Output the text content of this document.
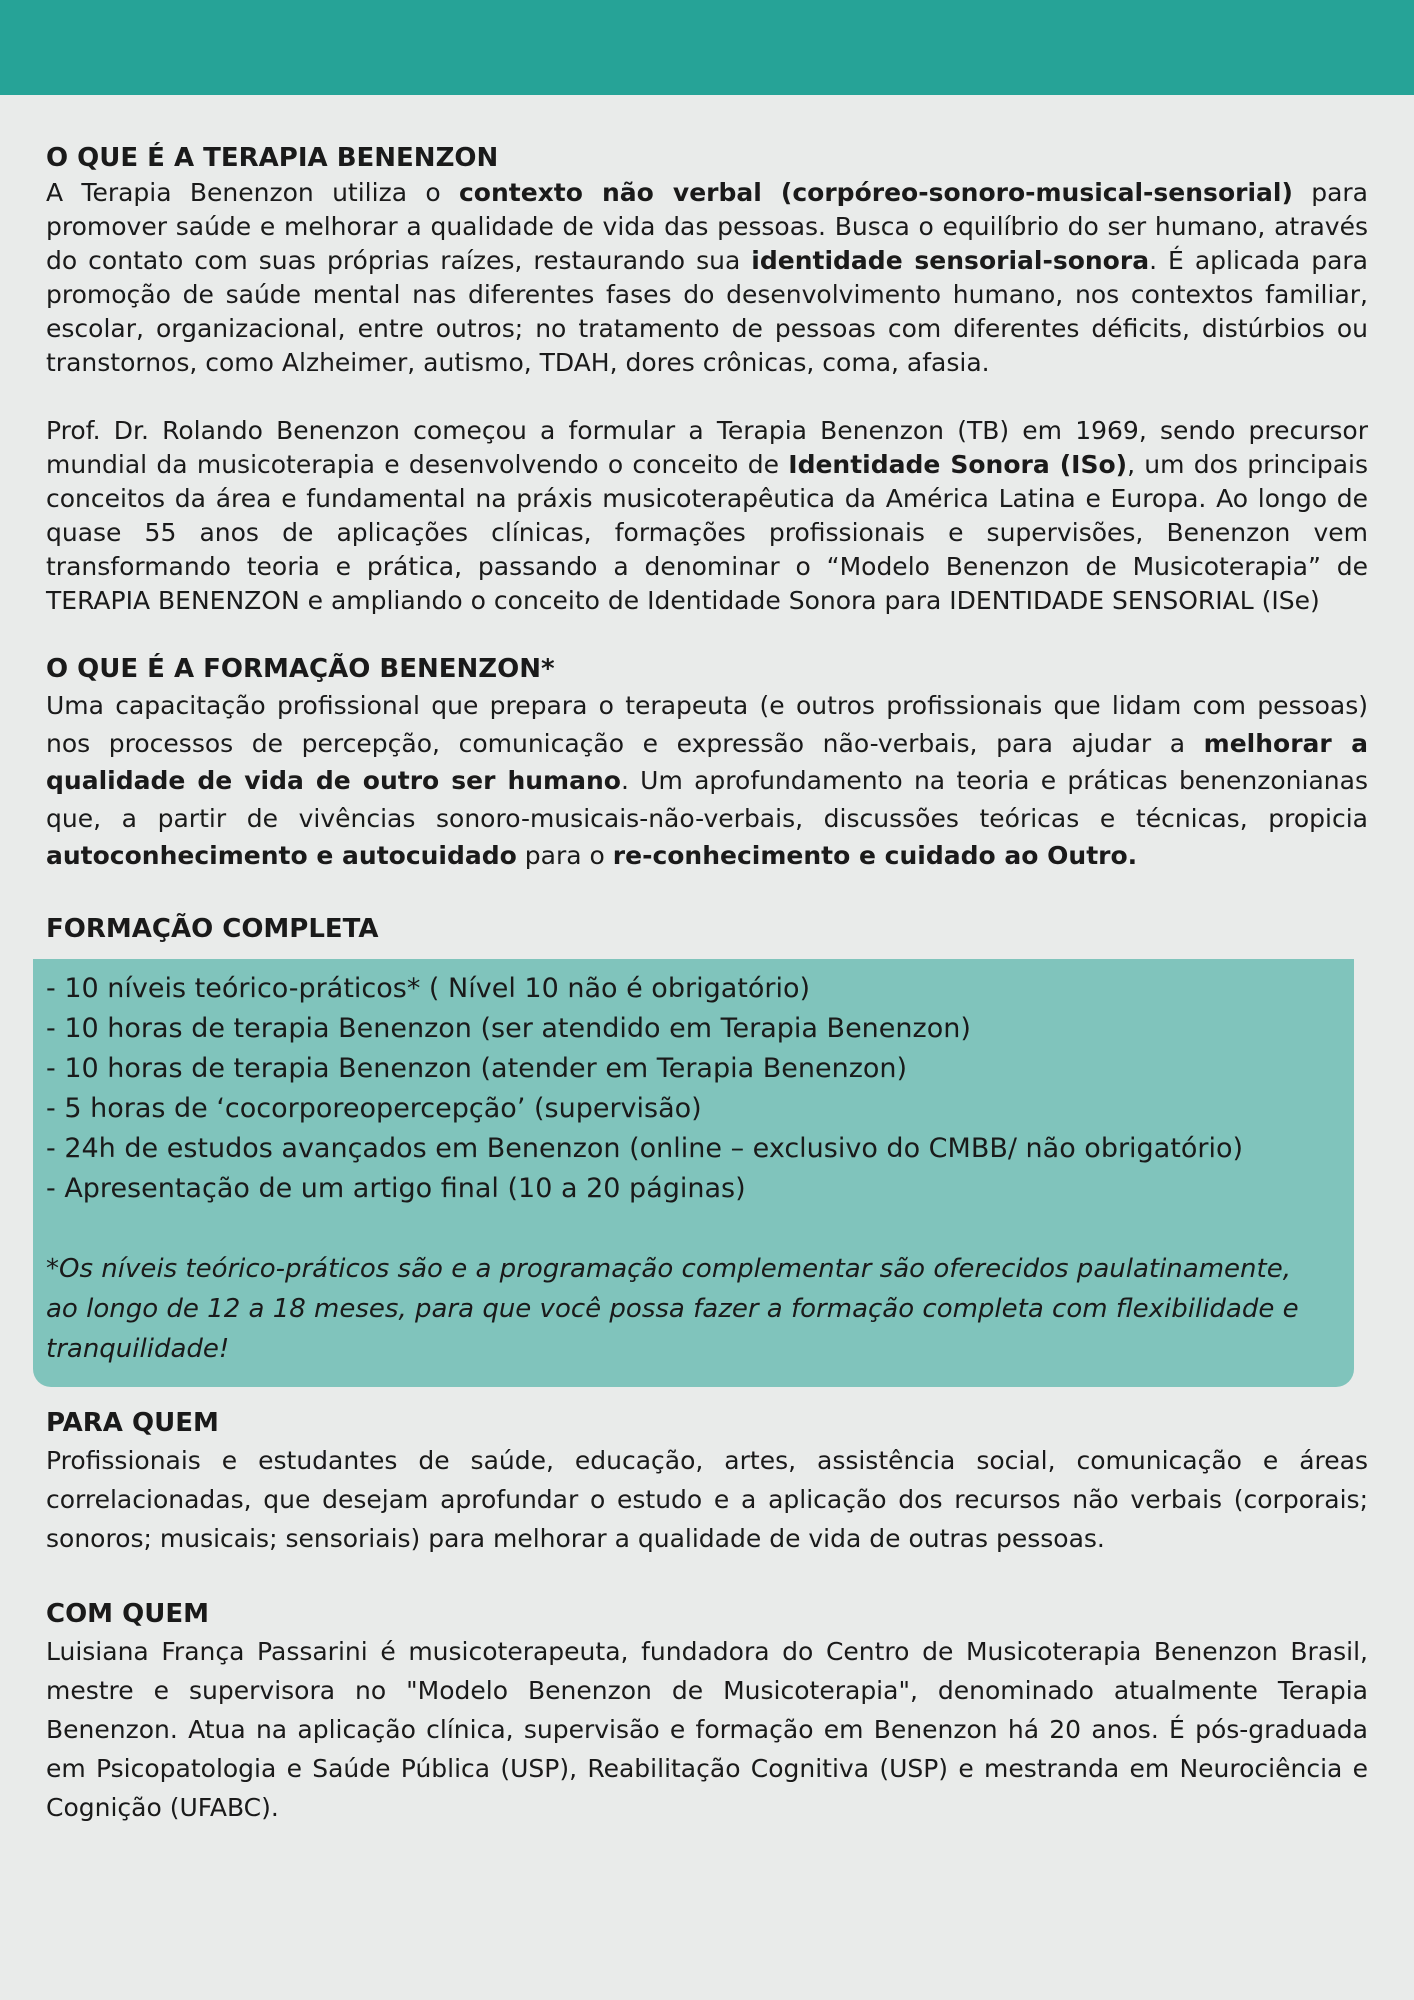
O QUE É A TERAPIA BENENZON

A Terapia Benenzon utiliza o contexto não verbal (corpóreo-sonoro-musical-sensorial) para promover saúde e melhorar a qualidade de vida das pessoas. Busca o equilíbrio do ser humano, através do contato com suas próprias raízes, restaurando sua identidade sensorial-sonora. É aplicada para promoção de saúde mental nas diferentes fases do desenvolvimento humano, nos contextos familiar, escolar, organizacional, entre outros; no tratamento de pessoas com diferentes déficits, distúrbios ou transtornos, como Alzheimer, autismo, TDAH, dores crônicas, coma, afasia.

Prof. Dr. Rolando Benenzon começou a formular a Terapia Benenzon (TB) em 1969, sendo precursor mundial da musicoterapia e desenvolvendo o conceito de Identidade Sonora (ISo), um dos principais conceitos da área e fundamental na práxis musicoterapêutica da América Latina e Europa. Ao longo de quase 55 anos de aplicações clínicas, formações profissionais e supervisões, Benenzon vem transformando teoria e prática, passando a denominar o “Modelo Benenzon de Musicoterapia” de TERAPIA BENENZON e ampliando o conceito de Identidade Sonora para IDENTIDADE SENSORIAL (ISe)

O QUE É A FORMAÇÃO BENENZON*

Uma capacitação profissional que prepara o terapeuta (e outros profissionais que lidam com pessoas) nos processos de percepção, comunicação e expressão não-verbais, para ajudar a melhorar a qualidade de vida de outro ser humano. Um aprofundamento na teoria e práticas benenzonianas que, a partir de vivências sonoro-musicais-não-verbais, discussões teóricas e técnicas, propicia autoconhecimento e autocuidado para o re-conhecimento e cuidado ao Outro.

FORMAÇÃO COMPLETA
- 10 níveis teórico-práticos* ( Nível 10 não é obrigatório)
- 10 horas de terapia Benenzon (ser atendido em Terapia Benenzon)
- 10 horas de terapia Benenzon (atender em Terapia Benenzon)
- 5 horas de ‘cocorporeopercepção’ (supervisão)
- 24h de estudos avançados em Benenzon (online – exclusivo do CMBB/ não obrigatório)
- Apresentação de um artigo final (10 a 20 páginas)

*Os níveis teórico-práticos são e a programação complementar são oferecidos paulatinamente, ao longo de 12 a 18 meses, para que você possa fazer a formação completa com flexibilidade e tranquilidade!

PARA QUEM

Profissionais e estudantes de saúde, educação, artes, assistência social, comunicação e áreas correlacionadas, que desejam aprofundar o estudo e a aplicação dos recursos não verbais (corporais; sonoros; musicais; sensoriais) para melhorar a qualidade de vida de outras pessoas.

COM QUEM

Luisiana França Passarini é musicoterapeuta, fundadora do Centro de Musicoterapia Benenzon Brasil, mestre e supervisora no "Modelo Benenzon de Musicoterapia", denominado atualmente Terapia Benenzon. Atua na aplicação clínica, supervisão e formação em Benenzon há 20 anos. É pós-graduada em Psicopatologia e Saúde Pública (USP), Reabilitação Cognitiva (USP) e mestranda em Neurociência e Cognição (UFABC).
